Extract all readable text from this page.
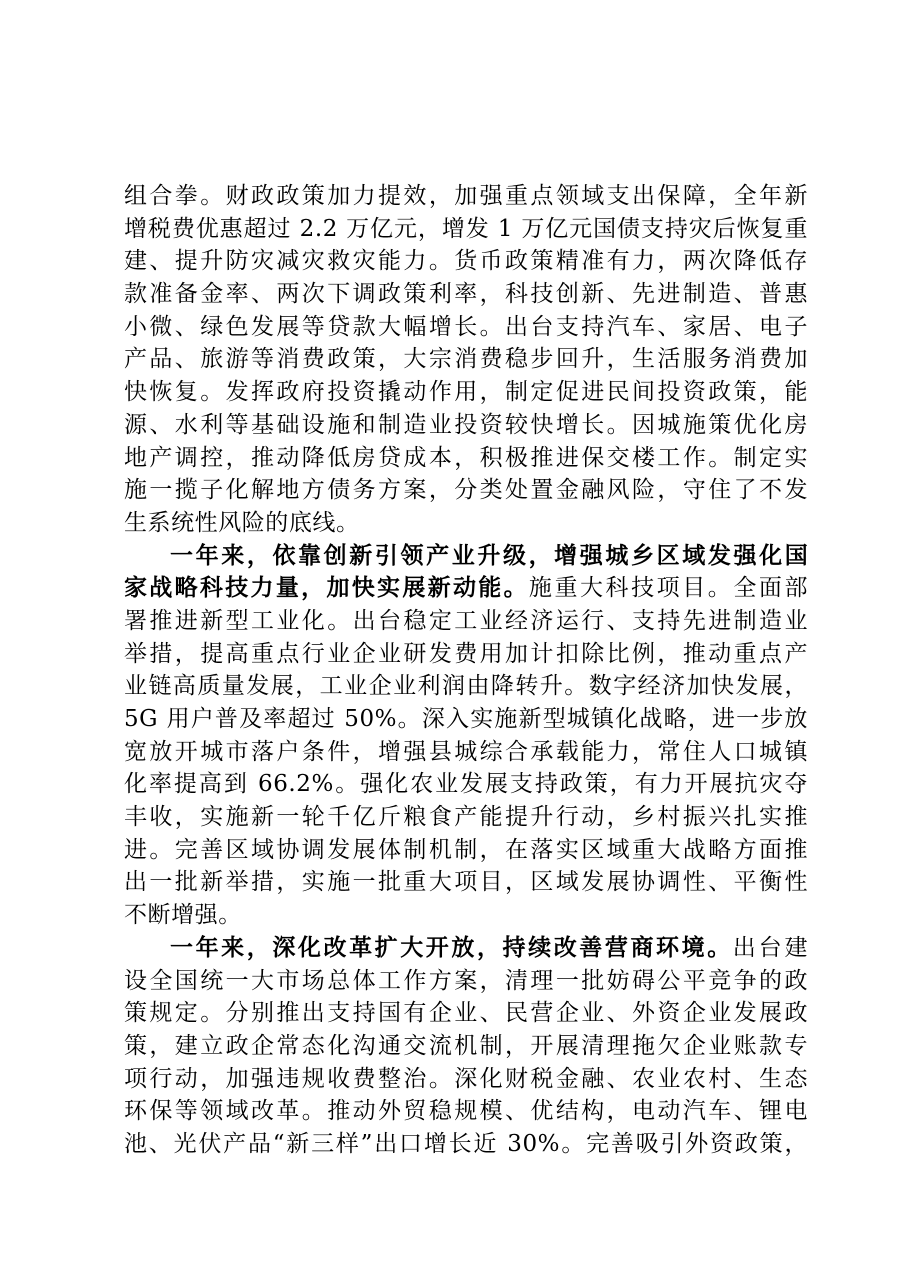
组合拳。财政政策加力提效，加强重点领域支出保障，全年新
增税费优惠超过 2.2 万亿元，增发 1 万亿元国债支持灾后恢复重
建、提升防灾减灾救灾能力。货币政策精准有力，两次降低存
款准备金率、两次下调政策利率，科技创新、先进制造、普惠
小微、绿色发展等贷款大幅增长。出台支持汽车、家居、电子
产品、旅游等消费政策，大宗消费稳步回升，生活服务消费加
快恢复。发挥政府投资撬动作用，制定促进民间投资政策，能
源、水利等基础设施和制造业投资较快增长。因城施策优化房
地产调控，推动降低房贷成本，积极推进保交楼工作。制定实
施一揽子化解地方债务方案，分类处置金融风险，守住了不发
生系统性风险的底线。
一年来，依靠创新引领产业升级，增强城乡区域发强化国
家战略科技力量，加快实展新动能。施重大科技项目。全面部
署推进新型工业化。出台稳定工业经济运行、支持先进制造业
举措，提高重点行业企业研发费用加计扣除比例，推动重点产
业链高质量发展，工业企业利润由降转升。数字经济加快发展，
5G 用户普及率超过 50%。深入实施新型城镇化战略，进一步放
宽放开城市落户条件，增强县城综合承载能力，常住人口城镇
化率提高到 66.2%。强化农业发展支持政策，有力开展抗灾夺
丰收，实施新一轮千亿斤粮食产能提升行动，乡村振兴扎实推
进。完善区域协调发展体制机制，在落实区域重大战略方面推
出一批新举措，实施一批重大项目，区域发展协调性、平衡性
不断增强。
一年来，深化改革扩大开放，持续改善营商环境。出台建
设全国统一大市场总体工作方案，清理一批妨碍公平竞争的政
策规定。分别推出支持国有企业、民营企业、外资企业发展政
策，建立政企常态化沟通交流机制，开展清理拖欠企业账款专
项行动，加强违规收费整治。深化财税金融、农业农村、生态
环保等领域改革。推动外贸稳规模、优结构，电动汽车、锂电
池、光伏产品“新三样”出口增长近 30%。完善吸引外资政策，
